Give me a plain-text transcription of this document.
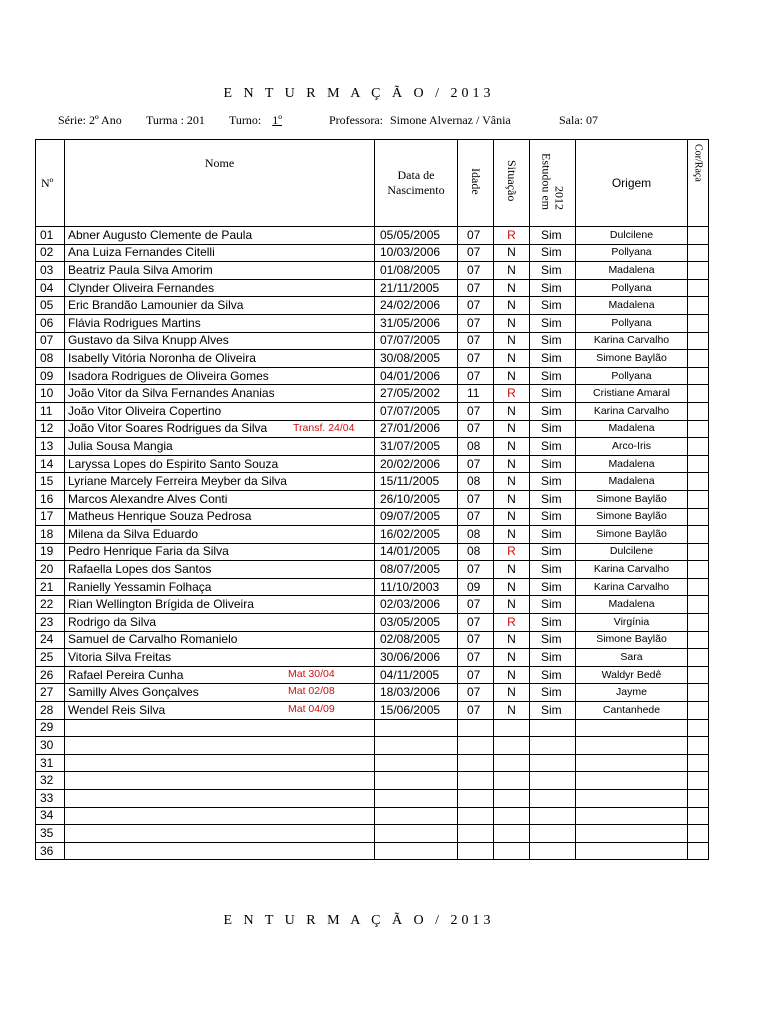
E N T U R M A Ç Ã O / 2013
Série: 2º Ano Turma : 201 Turno: 1º	Professora: Simone Alvernaz / Vânia	Sala: 07
Nº	Nome	Data de
Nascimento	Idade	Situação	Estudou em2012	Origem	Cor/Raça
01	Abner Augusto Clemente de Paula	05/05/2005	07	R	Sim	Dulcilene	
02	Ana Luiza Fernandes Citelli	10/03/2006	07	N	Sim	Pollyana	
03	Beatriz Paula Silva Amorim	01/08/2005	07	N	Sim	Madalena	
04	Clynder Oliveira Fernandes	21/11/2005	07	N	Sim	Pollyana	
05	Eric Brandão Lamounier da Silva	24/02/2006	07	N	Sim	Madalena	
06	Flávia Rodrigues Martins	31/05/2006	07	N	Sim	Pollyana	
07	Gustavo da Silva Knupp Alves	07/07/2005	07	N	Sim	Karina Carvalho	
08	Isabelly Vitória Noronha de Oliveira	30/08/2005	07	N	Sim	Simone Baylão	
09	Isadora Rodrigues de Oliveira Gomes	04/01/2006	07	N	Sim	Pollyana	
10	João Vitor da Silva Fernandes Ananias	27/05/2002	11	R	Sim	Cristiane Amaral	
11	João Vitor Oliveira Copertino	07/07/2005	07	N	Sim	Karina Carvalho	
12	João Vitor Soares Rodrigues da Silva Transf. 24/04	27/01/2006	07	N	Sim	Madalena	
13	Julia Sousa Mangia	31/07/2005	08	N	Sim	Arco-Iris	
14	Laryssa Lopes do Espirito Santo Souza	20/02/2006	07	N	Sim	Madalena	
15	Lyriane Marcely Ferreira Meyber da Silva	15/11/2005	08	N	Sim	Madalena	
16	Marcos Alexandre Alves Conti	26/10/2005	07	N	Sim	Simone Baylão	
17	Matheus Henrique Souza Pedrosa	09/07/2005	07	N	Sim	Simone Baylão	
18	Milena da Silva Eduardo	16/02/2005	08	N	Sim	Simone Baylão	
19	Pedro Henrique Faria da Silva	14/01/2005	08	R	Sim	Dulcilene	
20	Rafaella Lopes dos Santos	08/07/2005	07	N	Sim	Karina Carvalho	
21	Ranielly Yessamin Folhaça	11/10/2003	09	N	Sim	Karina Carvalho	
22	Rian Wellington Brígida de Oliveira	02/03/2006	07	N	Sim	Madalena	
23	Rodrigo da Silva	03/05/2005	07	R	Sim	Virgínia	
24	Samuel de Carvalho Romanielo	02/08/2005	07	N	Sim	Simone Baylão	
25	Vitoria Silva Freitas	30/06/2006	07	N	Sim	Sara	
26	Rafael Pereira Cunha Mat 30/04	04/11/2005	07	N	Sim	Waldyr Bedê	
27	Samilly Alves Gonçalves Mat 02/08	18/03/2006	07	N	Sim	Jayme	
28	Wendel Reis Silva Mat 04/09	15/06/2005	07	N	Sim	Cantanhede	
29							
30							
31							
32							
33							
34							
35							
36							
E N T U R M A Ç Ã O / 2013
